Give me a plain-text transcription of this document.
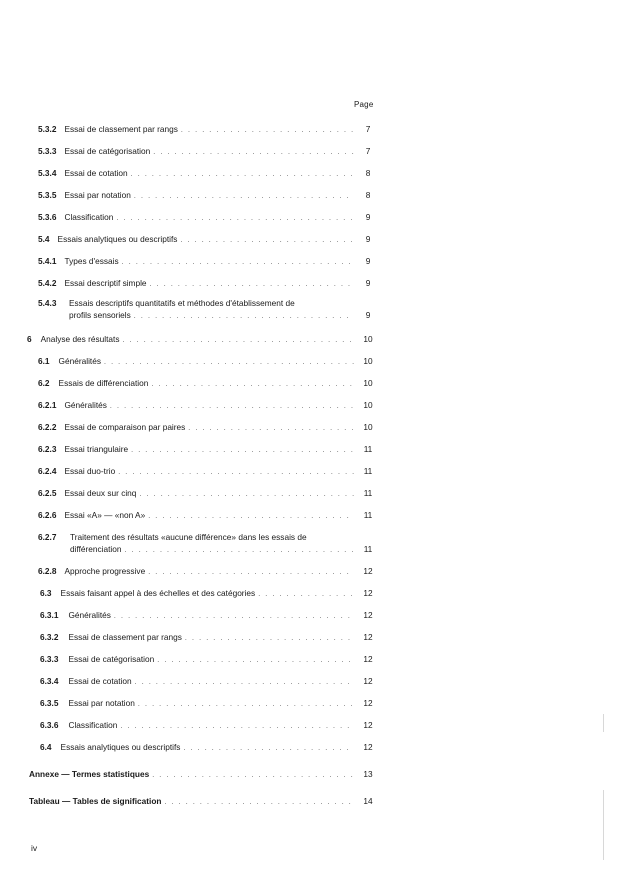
Page
5.3.2 Essai de classement par rangs . . .	7
5.3.3 Essai de catégorisation . . .	7
5.3.4 Essai de cotation . . .	8
5.3.5 Essai par notation . . .	8
5.3.6 Classification . . .	9
5.4 Essais analytiques ou descriptifs . . .	9
5.4.1 Types d'essais . . .	9
5.4.2 Essai descriptif simple . . .	9
5.4.3 Essais descriptifs quantitatifs et méthodes d'établissement de
profils sensoriels . . .	9
6 Analyse des résultats . . .	10
6.1 Généralités . . .	10
6.2 Essais de différenciation . . .	10
6.2.1 Généralités . . .	10
6.2.2 Essai de comparaison par paires . . .	10
6.2.3 Essai triangulaire . . .	11
6.2.4 Essai duo-trio . . .	11
6.2.5 Essai deux sur cinq . . .	11
6.2.6 Essai «A» — «non A» . . .	11
6.2.7 Traitement des résultats «aucune différence» dans les essais de
différenciation . . .	11
6.2.8 Approche progressive . . .	12
6.3 Essais faisant appel à des échelles et des catégories . . .	12
6.3.1 Généralités . . .	12
6.3.2 Essai de classement par rangs . . .	12
6.3.3 Essai de catégorisation . . .	12
6.3.4 Essai de cotation . . .	12
6.3.5 Essai par notation . . .	12
6.3.6 Classification . . .	12
6.4 Essais analytiques ou descriptifs . . .	12
Annexe — Termes statistiques . . .	13
Tableau — Tables de signification . . .	14
iv
